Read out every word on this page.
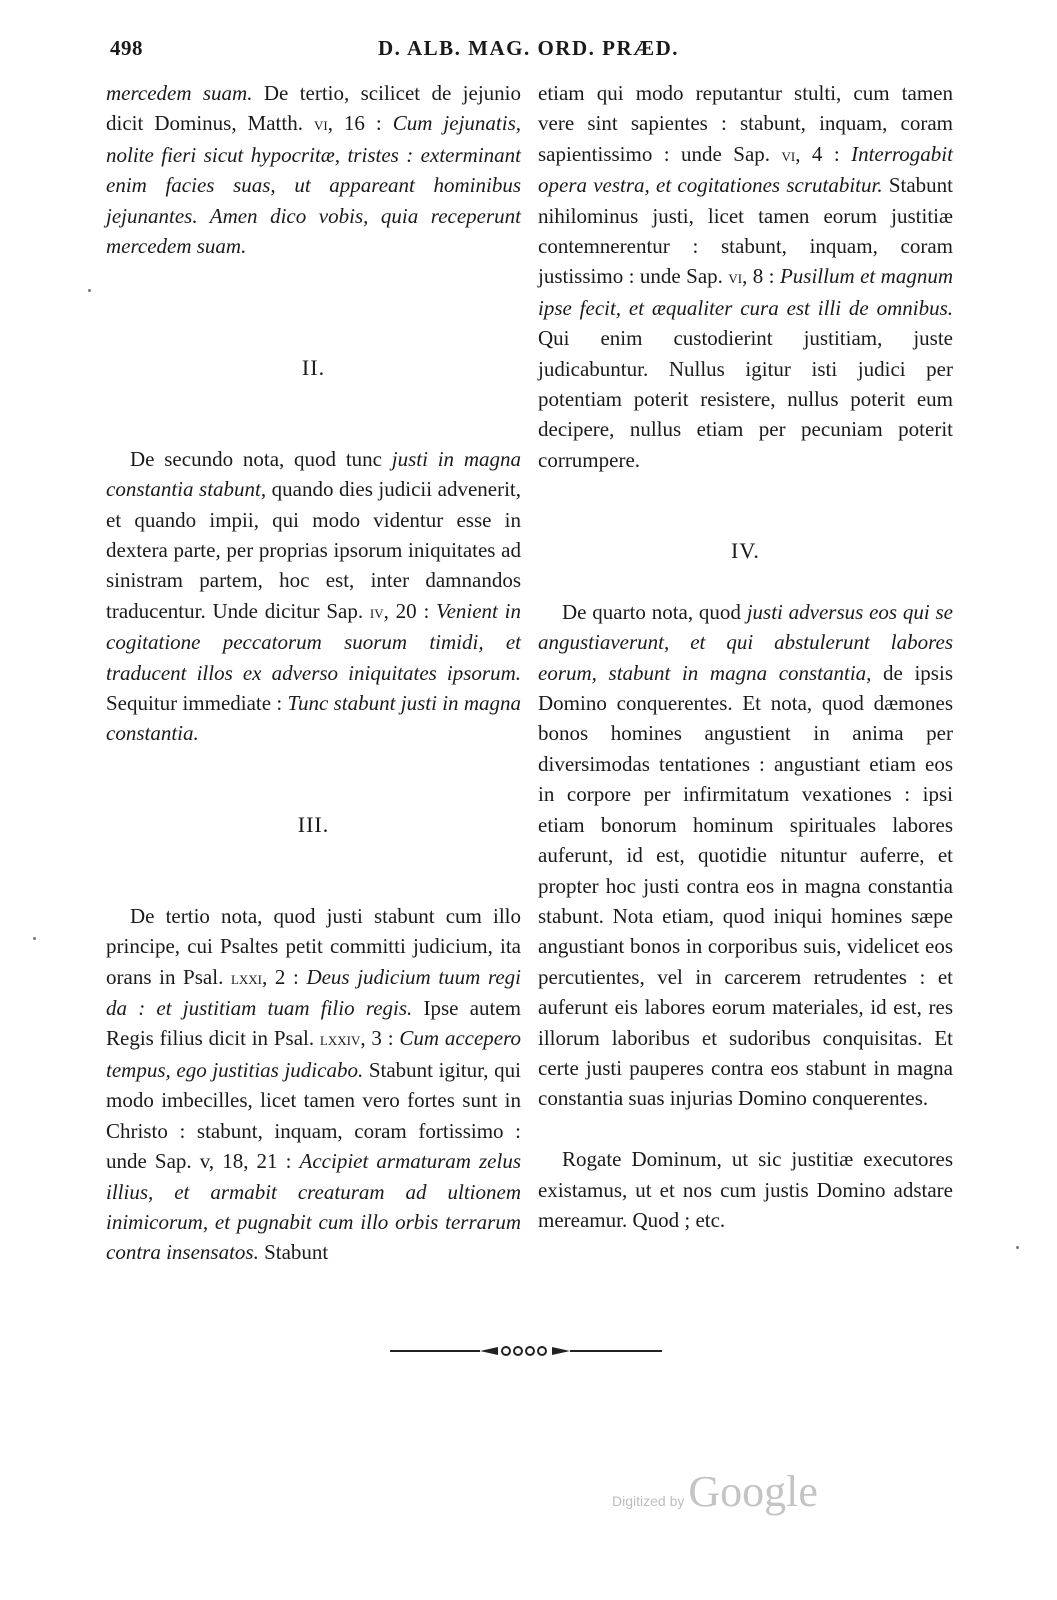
498	D. ALB. MAG. ORD. PRÆD.

mercedem suam. De tertio, scilicet de jejunio dicit Dominus, Matth. vi, 16 : Cum jejunatis, nolite fieri sicut hypocritæ, tristes : exterminant enim facies suas, ut appareant hominibus jejunantes. Amen dico vobis, quia receperunt mercedem suam.

II.

De secundo nota, quod tunc justi in magna constantia stabunt, quando dies judicii advenerit, et quando impii, qui modo videntur esse in dextera parte, per proprias ipsorum iniquitates ad sinistram partem, hoc est, inter damnandos traducentur. Unde dicitur Sap. iv, 20 : Venient in cogitatione peccatorum suorum timidi, et traducent illos ex adverso iniquitates ipsorum. Sequitur immediate : Tunc stabunt justi in magna constantia.

III.

De tertio nota, quod justi stabunt cum illo principe, cui Psaltes petit committi judicium, ita orans in Psal. lxxi, 2 : Deus judicium tuum regi da : et justitiam tuam filio regis. Ipse autem Regis filius dicit in Psal. lxxiv, 3 : Cum accepero tempus, ego justitias judicabo. Stabunt igitur, qui modo imbecilles, licet tamen vero fortes sunt in Christo : stabunt, inquam, coram fortissimo : unde Sap. v, 18, 21 : Accipiet armaturam zelus illius, et armabit creaturam ad ultionem inimicorum, et pugnabit cum illo orbis terrarum contra insensatos. Stabunt

etiam qui modo reputantur stulti, cum tamen vere sint sapientes : stabunt, inquam, coram sapientissimo : unde Sap. vi, 4 : Interrogabit opera vestra, et cogitationes scrutabitur. Stabunt nihilominus justi, licet tamen eorum justitiæ contemnerentur : stabunt, inquam, coram justissimo : unde Sap. vi, 8 : Pusillum et magnum ipse fecit, et æqualiter cura est illi de omnibus. Qui enim custodierint justitiam, juste judicabuntur. Nullus igitur isti judici per potentiam poterit resistere, nullus poterit eum decipere, nullus etiam per pecuniam poterit corrumpere.

IV.

De quarto nota, quod justi adversus eos qui se angustiaverunt, et qui abstulerunt labores eorum, stabunt in magna constantia, de ipsis Domino conquerentes. Et nota, quod dæmones bonos homines angustient in anima per diversimodas tentationes : angustiant etiam eos in corpore per infirmitatum vexationes : ipsi etiam bonorum hominum spirituales labores auferunt, id est, quotidie nituntur auferre, et propter hoc justi contra eos in magna constantia stabunt. Nota etiam, quod iniqui homines sæpe angustiant bonos in corporibus suis, videlicet eos percutientes, vel in carcerem retrudentes : et auferunt eis labores eorum materiales, id est, res illorum laboribus et sudoribus conquisitas. Et certe justi pauperes contra eos stabunt in magna constantia suas injurias Domino conquerentes.

Rogate Dominum, ut sic justitiæ executores existamus, ut et nos cum justis Domino adstare mereamur. Quod ; etc.

Digitized by Google
